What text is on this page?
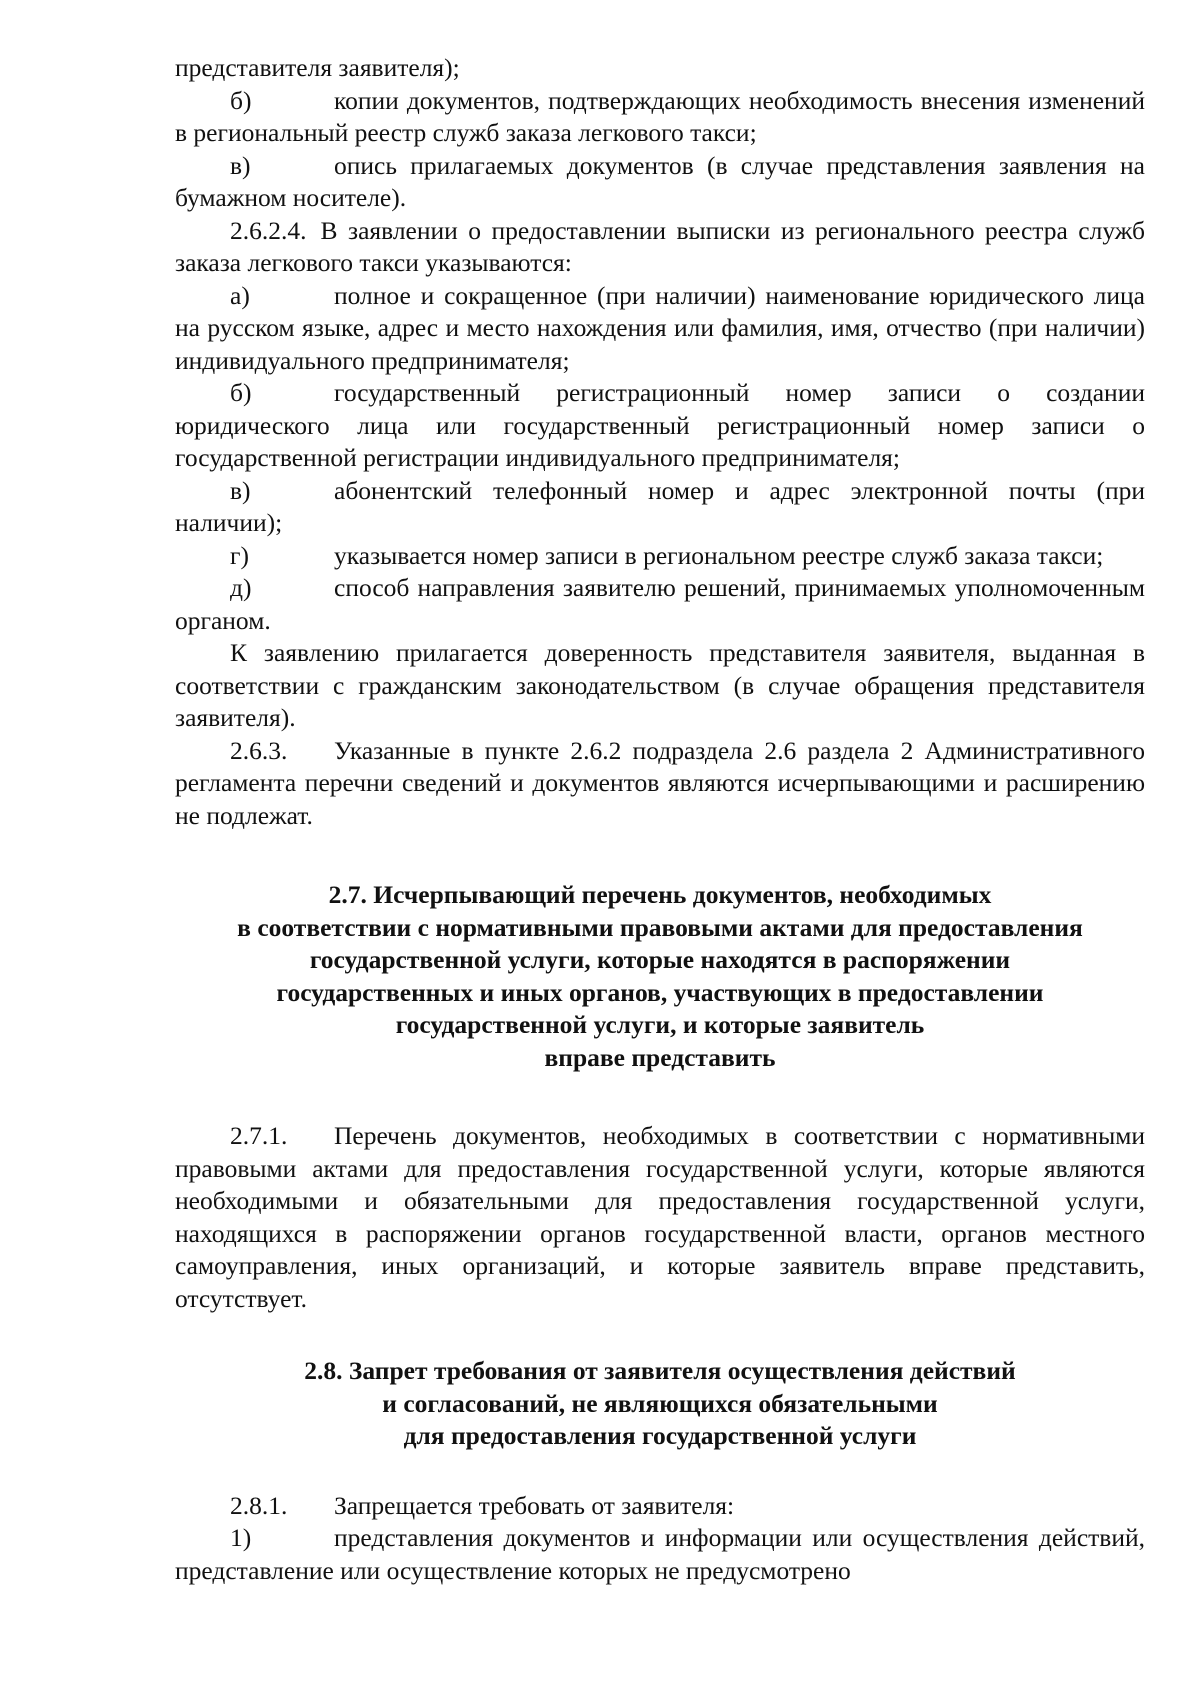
представителя заявителя);

б)	копии документов, подтверждающих необходимость внесения изменений в региональный реестр служб заказа легкового такси;

в)	опись прилагаемых документов (в случае представления заявления на бумажном носителе).

2.6.2.4. В заявлении о предоставлении выписки из регионального реестра служб заказа легкового такси указываются:

а)	полное и сокращенное (при наличии) наименование юридического лица на русском языке, адрес и место нахождения или фамилия, имя, отчество (при наличии) индивидуального предпринимателя;

б)	государственный регистрационный номер записи о создании юридического лица или государственный регистрационный номер записи о государственной регистрации индивидуального предпринимателя;

в)	абонентский телефонный номер и адрес электронной почты (при наличии);

г)	указывается номер записи в региональном реестре служб заказа такси;

д)	способ направления заявителю решений, принимаемых уполномоченным органом.

К заявлению прилагается доверенность представителя заявителя, выданная в соответствии с гражданским законодательством (в случае обращения представителя заявителя).

2.6.3. Указанные в пункте 2.6.2 подраздела 2.6 раздела 2 Административного регламента перечни сведений и документов являются исчерпывающими и расширению не подлежат.

2.7. Исчерпывающий перечень документов, необходимых
в соответствии с нормативными правовыми актами для предоставления
государственной услуги, которые находятся в распоряжении
государственных и иных органов, участвующих в предоставлении
государственной услуги, и которые заявитель
вправе представить

2.7.1. Перечень документов, необходимых в соответствии с нормативными правовыми актами для предоставления государственной услуги, которые являются необходимыми и обязательными для предоставления государственной услуги, находящихся в распоряжении органов государственной власти, органов местного самоуправления, иных организаций, и которые заявитель вправе представить, отсутствует.

2.8. Запрет требования от заявителя осуществления действий
и согласований, не являющихся обязательными
для предоставления государственной услуги

2.8.1. Запрещается требовать от заявителя:

1)	представления документов и информации или осуществления действий, представление или осуществление которых не предусмотрено
